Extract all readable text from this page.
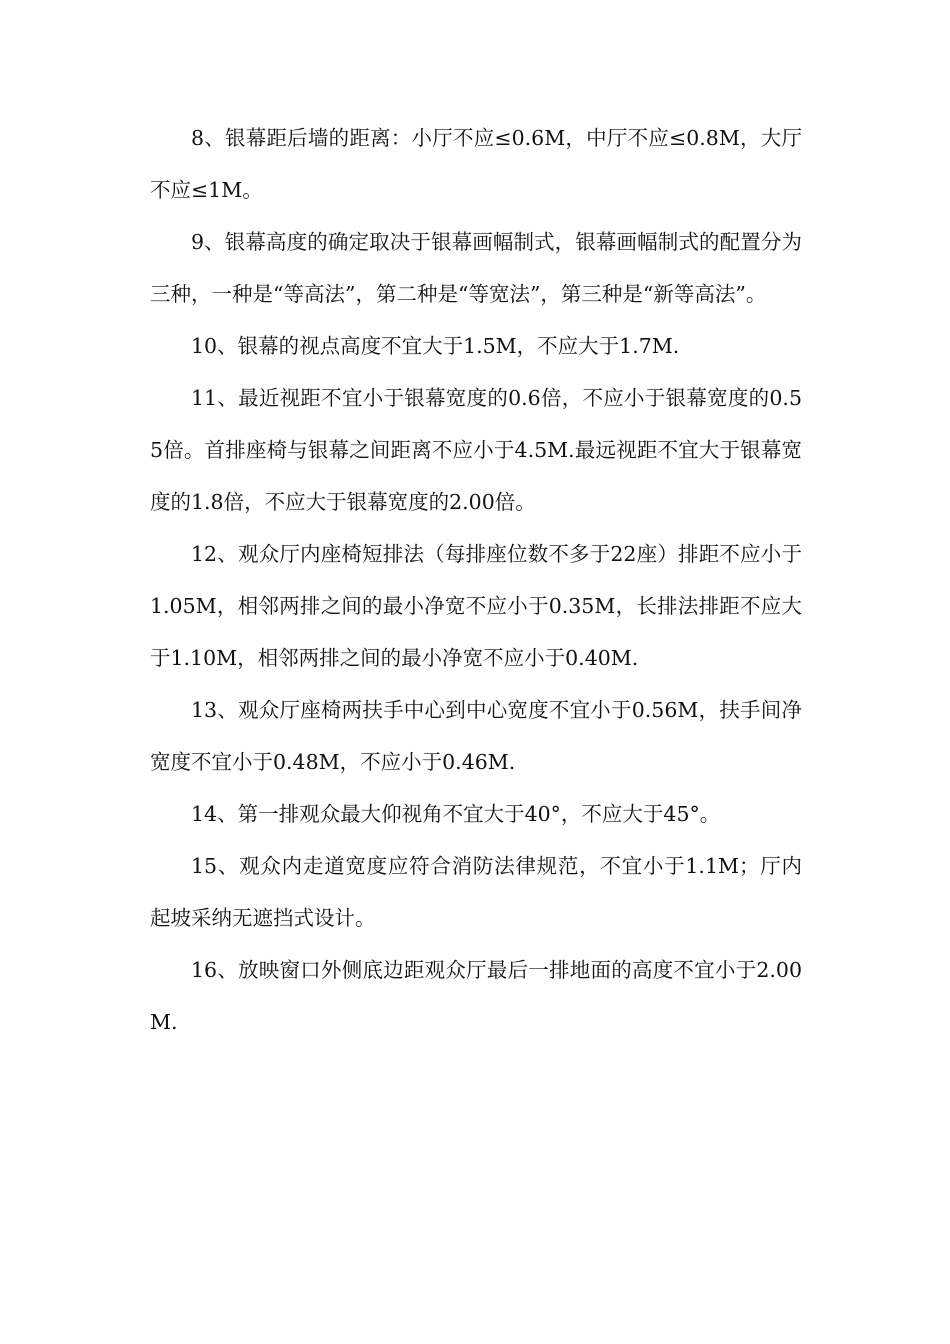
8、银幕距后墙的距离：小厅不应≤0.6M，中厅不应≤0.8M，大厅不应≤1M。

9、银幕高度的确定取决于银幕画幅制式，银幕画幅制式的配置分为三种，一种是“等高法”，第二种是“等宽法”，第三种是“新等高法”。

10、银幕的视点高度不宜大于1.5M，不应大于1.7M.

11、最近视距不宜小于银幕宽度的0.6倍，不应小于银幕宽度的0.55倍。首排座椅与银幕之间距离不应小于4.5M.最远视距不宜大于银幕宽度的1.8倍，不应大于银幕宽度的2.00倍。

12、观众厅内座椅短排法（每排座位数不多于22座）排距不应小于1.05M，相邻两排之间的最小净宽不应小于0.35M，长排法排距不应大于1.10M，相邻两排之间的最小净宽不应小于0.40M.

13、观众厅座椅两扶手中心到中心宽度不宜小于0.56M，扶手间净宽度不宜小于0.48M，不应小于0.46M.

14、第一排观众最大仰视角不宜大于40°，不应大于45°。

15、观众内走道宽度应符合消防法律规范，不宜小于1.1M；厅内起坡采纳无遮挡式设计。

16、放映窗口外侧底边距观众厅最后一排地面的高度不宜小于2.00M.
